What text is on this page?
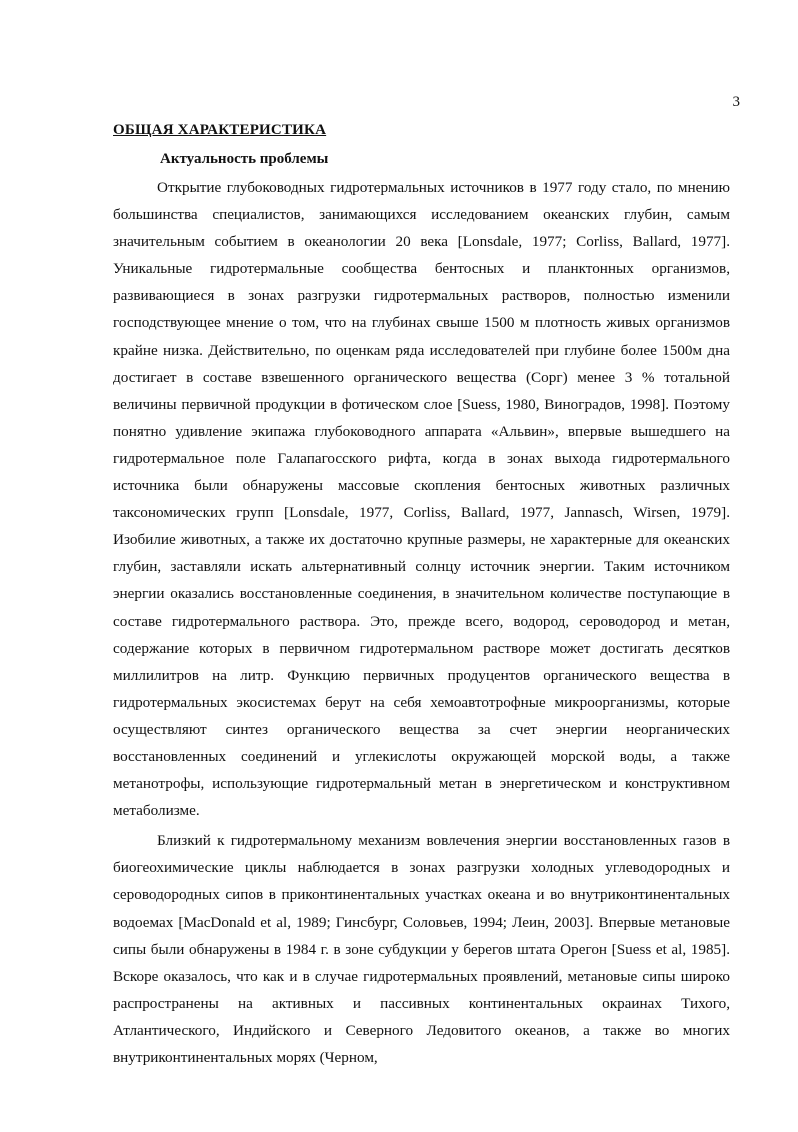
3
ОБЩАЯ ХАРАКТЕРИСТИКА
Актуальность проблемы

Открытие глубоководных гидротермальных источников в 1977 году стало, по мнению большинства специалистов, занимающихся исследованием океанских глубин, самым значительным событием в океанологии 20 века [Lonsdale, 1977; Corliss, Ballard, 1977]. Уникальные гидротермальные сообщества бентосных и планктонных организмов, развивающиеся в зонах разгрузки гидротермальных растворов, полностью изменили господствующее мнение о том, что на глубинах свыше 1500 м плотность живых организмов крайне низка. Действительно, по оценкам ряда исследователей при глубине более 1500м дна достигает в составе взвешенного органического вещества (Cорг) менее 3 % тотальной величины первичной продукции в фотическом слое [Suess, 1980, Виноградов, 1998]. Поэтому понятно удивление экипажа глубоководного аппарата «Альвин», впервые вышедшего на гидротермальное поле Галапагосского рифта, когда в зонах выхода гидротермального источника были обнаружены массовые скопления бентосных животных различных таксономических групп [Lonsdale, 1977, Corliss, Ballard, 1977, Jannasch, Wirsen, 1979]. Изобилие животных, а также их достаточно крупные размеры, не характерные для океанских глубин, заставляли искать альтернативный солнцу источник энергии. Таким источником энергии оказались восстановленные соединения, в значительном количестве поступающие в составе гидротермального раствора. Это, прежде всего, водород, сероводород и метан, содержание которых в первичном гидротермальном растворе может достигать десятков миллилитров на литр. Функцию первичных продуцентов органического вещества в гидротермальных экосистемах берут на себя хемоавтотрофные микроорганизмы, которые осуществляют синтез органического вещества за счет энергии неорганических восстановленных соединений и углекислоты окружающей морской воды, а также метанотрофы, использующие гидротермальный метан в энергетическом и конструктивном метаболизме.

Близкий к гидротермальному механизм вовлечения энергии восстановленных газов в биогеохимические циклы наблюдается в зонах разгрузки холодных углеводородных и сероводородных сипов в приконтинентальных участках океана и во внутриконтинентальных водоемах [MacDonald et al, 1989; Гинсбург, Соловьев, 1994; Леин, 2003]. Впервые метановые сипы были обнаружены в 1984 г. в зоне субдукции у берегов штата Орегон [Suess et al, 1985]. Вскоре оказалось, что как и в случае гидротермальных проявлений, метановые сипы широко распространены на активных и пассивных континентальных окраинах Тихого, Атлантического, Индийского и Северного Ледовитого океанов, а также во многих внутриконтинентальных морях (Черном,
